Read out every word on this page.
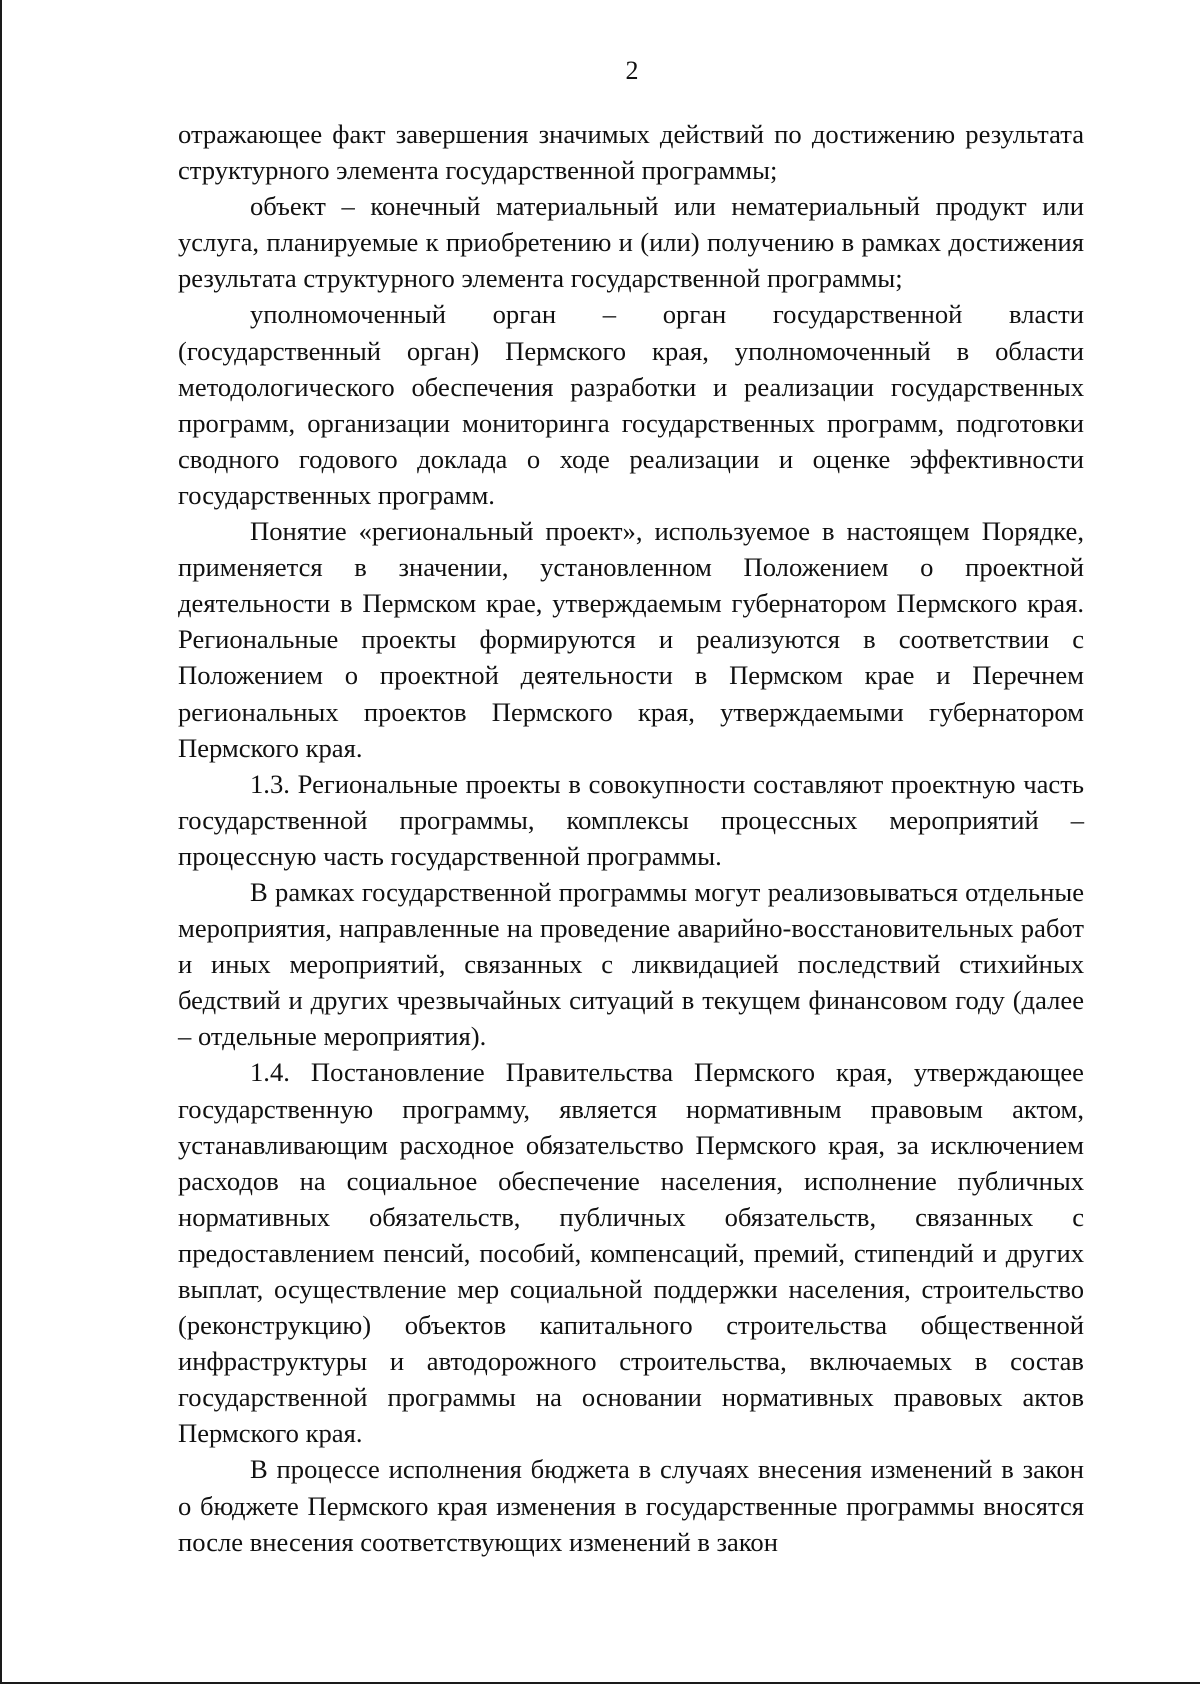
2

отражающее факт завершения значимых действий по достижению результата структурного элемента государственной программы;

объект – конечный материальный или нематериальный продукт или услуга, планируемые к приобретению и (или) получению в рамках достижения результата структурного элемента государственной программы;

уполномоченный орган – орган государственной власти (государственный орган) Пермского края, уполномоченный в области методологического обеспечения разработки и реализации государственных программ, организации мониторинга государственных программ, подготовки сводного годового доклада о ходе реализации и оценке эффективности государственных программ.

Понятие «региональный проект», используемое в настоящем Порядке, применяется в значении, установленном Положением о проектной деятельности в Пермском крае, утверждаемым губернатором Пермского края. Региональные проекты формируются и реализуются в соответствии с Положением о проектной деятельности в Пермском крае и Перечнем региональных проектов Пермского края, утверждаемыми губернатором Пермского края.

1.3. Региональные проекты в совокупности составляют проектную часть государственной программы, комплексы процессных мероприятий – процессную часть государственной программы.

В рамках государственной программы могут реализовываться отдельные мероприятия, направленные на проведение аварийно-восстановительных работ и иных мероприятий, связанных с ликвидацией последствий стихийных бедствий и других чрезвычайных ситуаций в текущем финансовом году (далее – отдельные мероприятия).

1.4. Постановление Правительства Пермского края, утверждающее государственную программу, является нормативным правовым актом, устанавливающим расходное обязательство Пермского края, за исключением расходов на социальное обеспечение населения, исполнение публичных нормативных обязательств, публичных обязательств, связанных с предоставлением пенсий, пособий, компенсаций, премий, стипендий и других выплат, осуществление мер социальной поддержки населения, строительство (реконструкцию) объектов капитального строительства общественной инфраструктуры и автодорожного строительства, включаемых в состав государственной программы на основании нормативных правовых актов Пермского края.

В процессе исполнения бюджета в случаях внесения изменений в закон о бюджете Пермского края изменения в государственные программы вносятся после внесения соответствующих изменений в закон
